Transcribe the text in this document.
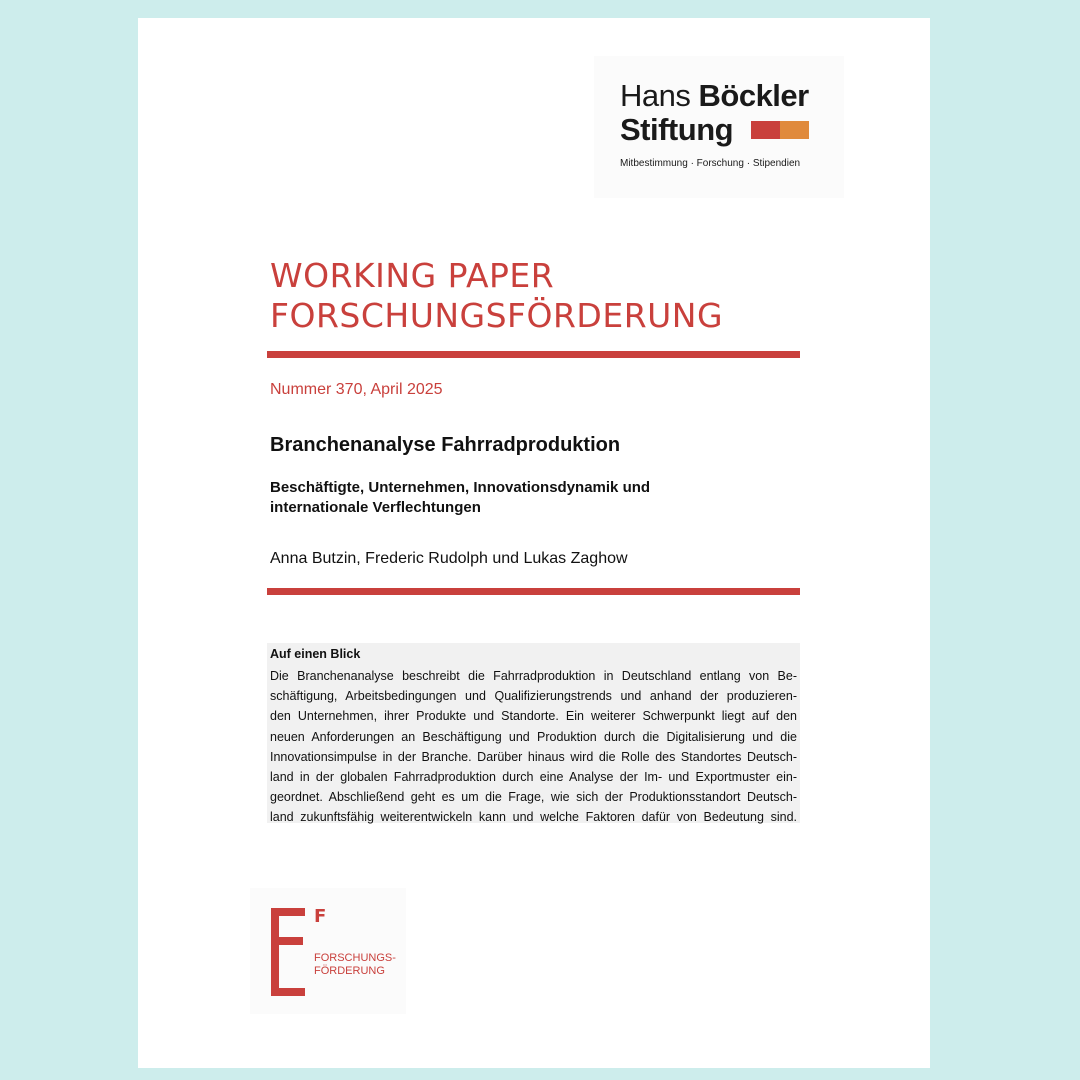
Hans Böckler
Stiftung
Mitbestimmung · Forschung · Stipendien
WORKING PAPER
FORSCHUNGSFÖRDERUNG
Nummer 370, April 2025
Branchenanalyse Fahrradproduktion
Beschäftigte, Unternehmen, Innovationsdynamik und
internationale Verflechtungen
Anna Butzin, Frederic Rudolph und Lukas Zaghow
Auf einen Blick
Die Branchenanalyse beschreibt die Fahrradproduktion in Deutschland entlang von Be-
schäftigung, Arbeitsbedingungen und Qualifizierungstrends und anhand der produzieren-
den Unternehmen, ihrer Produkte und Standorte. Ein weiterer Schwerpunkt liegt auf den
neuen Anforderungen an Beschäftigung und Produktion durch die Digitalisierung und die
Innovationsimpulse in der Branche. Darüber hinaus wird die Rolle des Standortes Deutsch-
land in der globalen Fahrradproduktion durch eine Analyse der Im- und Exportmuster ein-
geordnet. Abschließend geht es um die Frage, wie sich der Produktionsstandort Deutsch-
land zukunftsfähig weiterentwickeln kann und welche Faktoren dafür von Bedeutung sind.
F
FORSCHUNGS-
FÖRDERUNG
